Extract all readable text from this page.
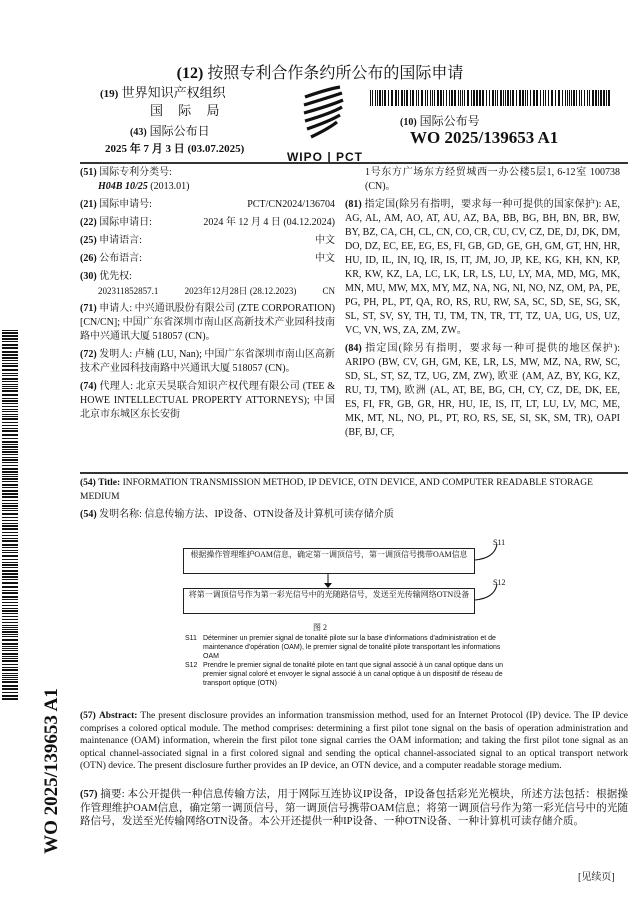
(12) 按照专利合作条约所公布的国际申请
(19) 世界知识产权组织
国 际 局
(43) 国际公布日
2025 年 7 月 3 日 (03.07.2025)
WIPO | PCT
(10) 国际公布号
WO 2025/139653 A1
(51) 国际专利分类号:
H04B 10/25 (2013.01)
(21) 国际申请号:	PCT/CN2024/136704
(22) 国际申请日:	2024 年 12 月 4 日 (04.12.2024)
(25) 申请语言:	中文
(26) 公布语言:	中文
(30) 优先权:
202311852857.1	2023年12月28日 (28.12.2023)	CN
(71) 申请人: 中兴通讯股份有限公司 (ZTE CORPORATION) [CN/CN]; 中国广东省深圳市南山区高新技术产业园科技南路中兴通讯大厦 518057 (CN)。
(72) 发明人: 卢楠 (LU, Nan); 中国广东省深圳市南山区高新技术产业园科技南路中兴通讯大厦 518057 (CN)。
(74) 代理人: 北京天昊联合知识产权代理有限公司 (TEE & HOWE INTELLECTUAL PROPERTY ATTORNEYS); 中国北京市东城区东长安街
1号东方广场东方经贸城西一办公楼5层1, 6-12室 100738 (CN)。
(81) 指定国(除另有指明，要求每一种可提供的国家保护): AE, AG, AL, AM, AO, AT, AU, AZ, BA, BB, BG, BH, BN, BR, BW, BY, BZ, CA, CH, CL, CN, CO, CR, CU, CV, CZ, DE, DJ, DK, DM, DO, DZ, EC, EE, EG, ES, FI, GB, GD, GE, GH, GM, GT, HN, HR, HU, ID, IL, IN, IQ, IR, IS, IT, JM, JO, JP, KE, KG, KH, KN, KP, KR, KW, KZ, LA, LC, LK, LR, LS, LU, LY, MA, MD, MG, MK, MN, MU, MW, MX, MY, MZ, NA, NG, NI, NO, NZ, OM, PA, PE, PG, PH, PL, PT, QA, RO, RS, RU, RW, SA, SC, SD, SE, SG, SK, SL, ST, SV, SY, TH, TJ, TM, TN, TR, TT, TZ, UA, UG, US, UZ, VC, VN, WS, ZA, ZM, ZW。
(84) 指定国(除另有指明，要求每一种可提供的地区保护): ARIPO (BW, CV, GH, GM, KE, LR, LS, MW, MZ, NA, RW, SC, SD, SL, ST, SZ, TZ, UG, ZM, ZW), 欧亚 (AM, AZ, BY, KG, KZ, RU, TJ, TM), 欧洲 (AL, AT, BE, BG, CH, CY, CZ, DE, DK, EE, ES, FI, FR, GB, GR, HR, HU, IE, IS, IT, LT, LU, LV, MC, ME, MK, MT, NL, NO, PL, PT, RO, RS, SE, SI, SK, SM, TR), OAPI (BF, BJ, CF,
(54) Title: INFORMATION TRANSMISSION METHOD, IP DEVICE, OTN DEVICE, AND COMPUTER READABLE STORAGE MEDIUM
(54) 发明名称: 信息传输方法、IP设备、OTN设备及计算机可读存储介质
根据操作管理维护OAM信息，确定第一调顶信号，第一调顶信号携带OAM信息
将第一调顶信号作为第一彩光信号中的光随路信号，发送至光传输网络OTN设备
S11
S12
图 2
S11 Déterminer un premier signal de tonalité pilote sur la base d'informations d'administration et de maintenance d'opération (OAM), le premier signal de tonalité pilote transportant les informations OAM
S12 Prendre le premier signal de tonalité pilote en tant que signal associé à un canal optique dans un premier signal coloré et envoyer le signal associé à un canal optique à un dispositif de réseau de transport optique (OTN)
(57) Abstract: The present disclosure provides an information transmission method, used for an Internet Protocol (IP) device. The IP device comprises a colored optical module. The method comprises: determining a first pilot tone signal on the basis of operation administration and maintenance (OAM) information, wherein the first pilot tone signal carries the OAM information; and taking the first pilot tone signal as an optical channel-associated signal in a first colored signal and sending the optical channel-associated signal to an optical transport network (OTN) device. The present disclosure further provides an IP device, an OTN device, and a computer readable storage medium.
(57) 摘要: 本公开提供一种信息传输方法，用于网际互连协议IP设备，IP设备包括彩光光模块，所述方法包括：根据操作管理维护OAM信息，确定第一调顶信号，第一调顶信号携带OAM信息；将第一调顶信号作为第一彩光信号中的光随路信号，发送至光传输网络OTN设备。本公开还提供一种IP设备、一种OTN设备、一种计算机可读存储介质。
WO 2025/139653 A1
[见续页]
